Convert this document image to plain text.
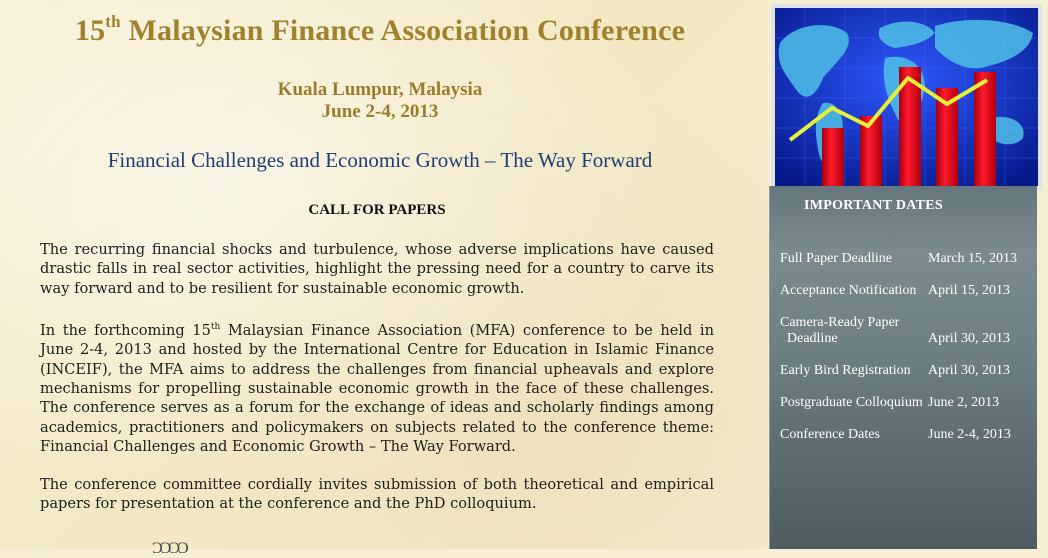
15th Malaysian Finance Association Conference
Kuala Lumpur, Malaysia
June 2-4, 2013
Financial Challenges and Economic Growth – The Way Forward
CALL FOR PAPERS

The recurring financial shocks and turbulence, whose adverse implications have caused drastic falls in real sector activities, highlight the pressing need for a country to carve its way forward and to be resilient for sustainable economic growth.

In the forthcoming 15th Malaysian Finance Association (MFA) conference to be held in June 2-4, 2013 and hosted by the International Centre for Education in Islamic Finance (INCEIF), the MFA aims to address the challenges from financial upheavals and explore mechanisms for propelling sustainable economic growth in the face of these challenges. The conference serves as a forum for the exchange of ideas and scholarly findings among academics, practitioners and policymakers on subjects related to the conference theme: Financial Challenges and Economic Growth – The Way Forward.

The conference committee cordially invites submission of both theoretical and empirical papers for presentation at the conference and the PhD colloquium.

ƆƆƆƆ
IMPORTANT DATES
Full Paper Deadline	March 15, 2013
Acceptance Notification April 15, 2013
Camera-Ready Paper
Deadline	April 30, 2013
Early Bird Registration	April 30, 2013
Postgraduate Colloquium June 2, 2013
Conference Dates	June 2-4, 2013
